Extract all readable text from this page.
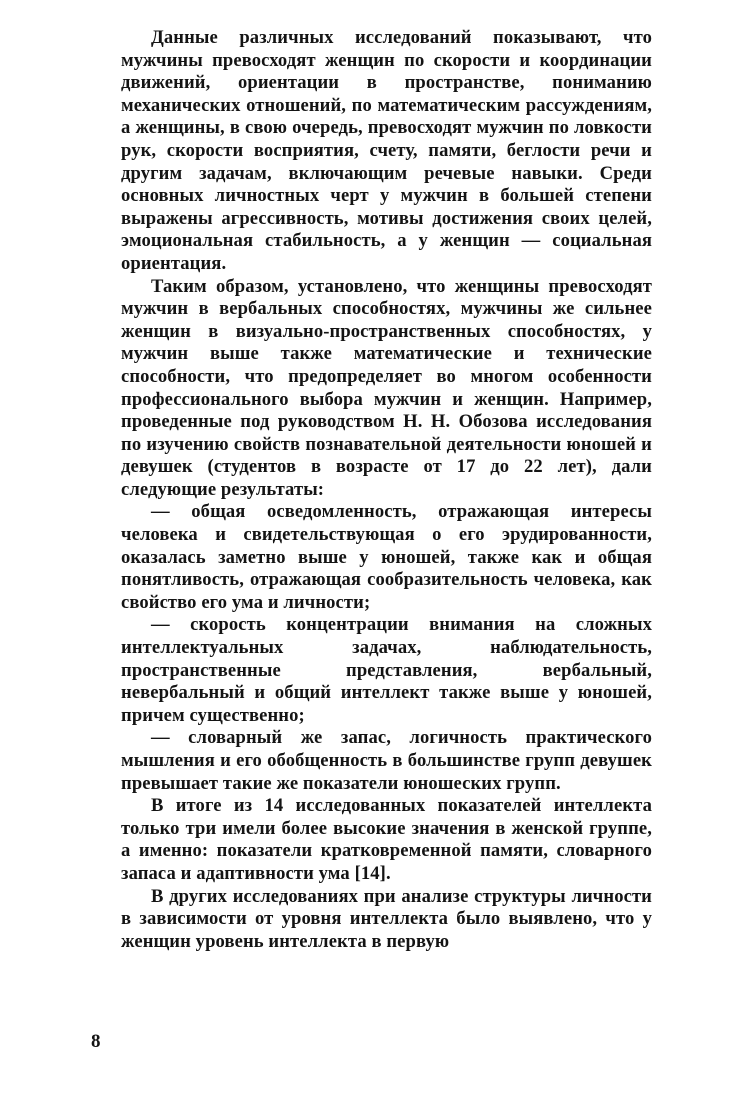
Данные различных исследований показывают, что мужчины превосходят женщин по скорости и координации движений, ориентации в пространстве, пониманию механических отношений, по математическим рассуждениям, а женщины, в свою очередь, превосходят мужчин по ловкости рук, скорости восприятия, счету, памяти, беглости речи и другим задачам, включающим речевые навыки. Среди основных личностных черт у мужчин в большей степени выражены агрессивность, мотивы достижения своих целей, эмоциональная стабильность, а у женщин — социальная ориентация.

Таким образом, установлено, что женщины превосходят мужчин в вербальных способностях, мужчины же сильнее женщин в визуально-пространственных способностях, у мужчин выше также математические и технические способности, что предопределяет во многом особенности профессионального выбора мужчин и женщин. Например, проведенные под руководством Н. Н. Обозова исследования по изучению свойств познавательной деятельности юношей и девушек (студентов в возрасте от 17 до 22 лет), дали следующие результаты:

— общая осведомленность, отражающая интересы человека и свидетельствующая о его эрудированности, оказалась заметно выше у юношей, также как и общая понятливость, отражающая сообразительность человека, как свойство его ума и личности;

— скорость концентрации внимания на сложных интеллектуальных задачах, наблюдательность, пространственные представления, вербальный, невербальный и общий интеллект также выше у юношей, причем существенно;

— словарный же запас, логичность практического мышления и его обобщенность в большинстве групп девушек превышает такие же показатели юношеских групп.

В итоге из 14 исследованных показателей интеллекта только три имели более высокие значения в женской группе, а именно: показатели кратковременной памяти, словарного запаса и адаптивности ума [14].

В других исследованиях при анализе структуры личности в зависимости от уровня интеллекта было выявлено, что у женщин уровень интеллекта в первую

8
